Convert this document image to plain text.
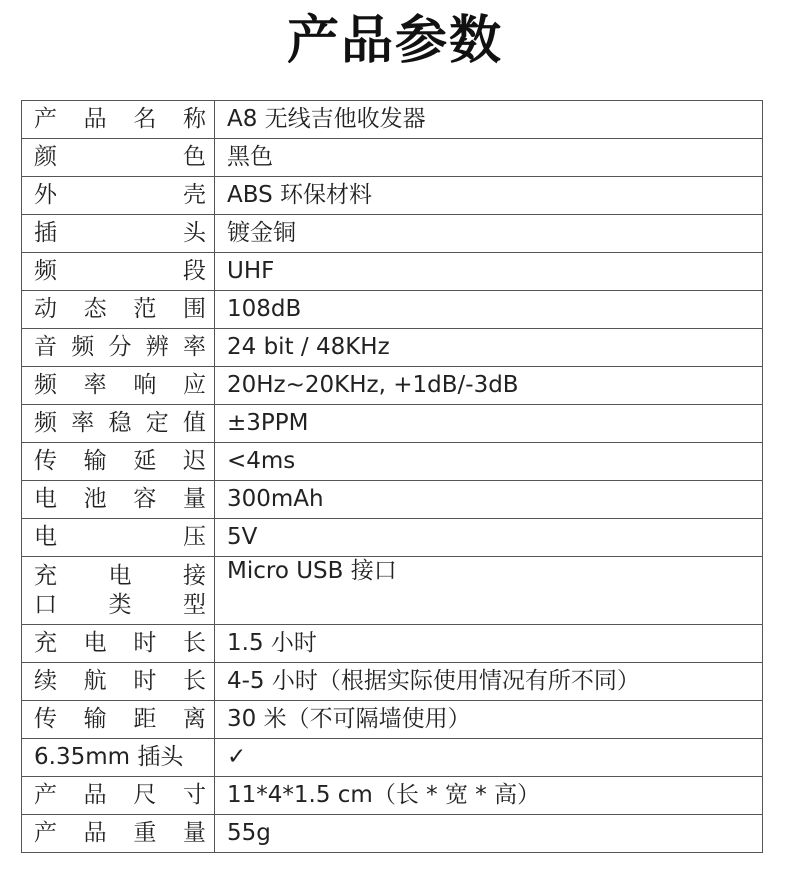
产品参数
产品名称	A8 无线吉他收发器

颜色	黑色

外壳	ABS 环保材料

插头	镀金铜

频段	UHF

动态范围	108dB

音频分辨率	24 bit / 48KHz

频率响应	20Hz~20KHz, +1dB/-3dB

频率稳定值	±3PPM

传输延迟	<4ms

电池容量	300mAh

电压	5V

充电接
口类型	Micro USB 接口

充电时长	1.5 小时

续航时长	4-5 小时（根据实际使用情况有所不同）

传输距离	30 米（不可隔墙使用）

6.35mm 插头	✓

产品尺寸	11*4*1.5 cm（长 * 宽 * 高）

产品重量	55g
